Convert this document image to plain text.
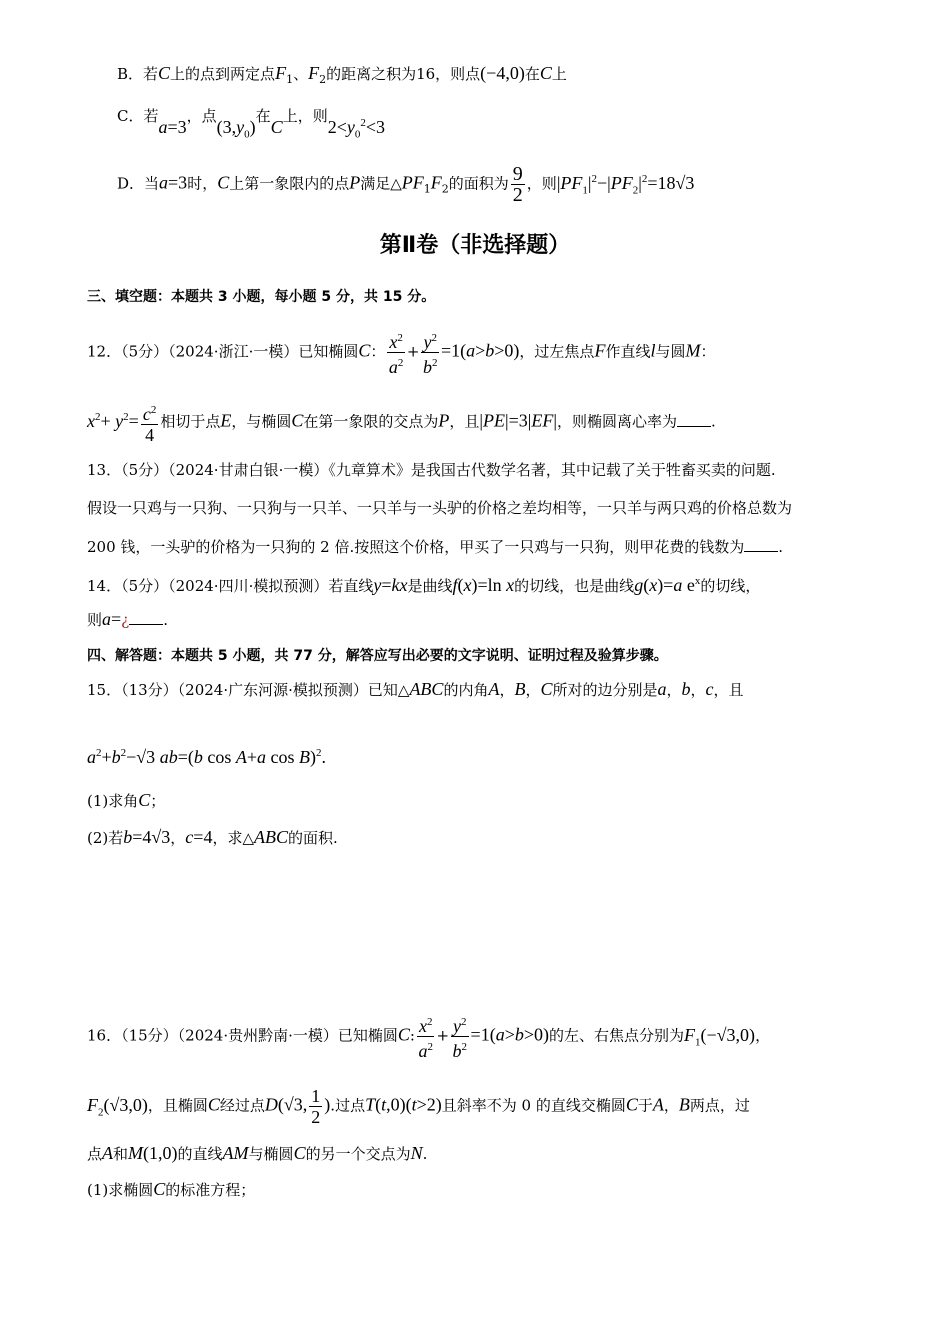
B．若C上的点到两定点$F_1$、$F_2$的距离之积为16，则点(−4,0)在C上
C．若a=3，点$(3,y_0)$在C上，则$2<y_0^2<3$
D．当a=3时，C上第一象限内的点P满足$\triangle PF_1F_2$的面积为 $\frac{9}{2}$ ，则$|PF_1|^2-|PF_2|^2=18√3$
第Ⅱ卷（非选择题）
三、填空题：本题共 3 小题，每小题 5 分，共 15 分。
12．（5分）（2024·浙江·一模）已知椭圆C： $\frac{x^2}{a^2} + \frac{y^2}{b^2} =1(a>b>0)$，过左焦点F作直线l与圆M：
$x^2+ y^2= \frac{c^2}{4}$ 相切于点E，与椭圆C在第一象限的交点为P，且|PE|=3|EF|，则椭圆离心率为 .
13．（5分）（2024·甘肃白银·一模）《九章算术》是我国古代数学名著，其中记载了关于牲畜买卖的问题.
假设一只鸡与一只狗、一只狗与一只羊、一只羊与一头驴的价格之差均相等，一只羊与两只鸡的价格总数为
200 钱，一头驴的价格为一只狗的 2 倍.按照这个价格，甲买了一只鸡与一只狗，则甲花费的钱数为 .
14．（5分）（2024·四川·模拟预测）若直线y=kx是曲线f(x)=ln x的切线，也是曲线g(x)=a $e^x$的切线，
则a=¿ .
四、解答题：本题共 5 小题，共 77 分，解答应写出必要的文字说明、证明过程及验算步骤。
15．（13分）（2024·广东河源·模拟预测）已知△ABC的内角A，B，C所对的边分别是a，b，c，且
$a^2+b^2-√3$ ab=(b cos A+a cos B)$^2$.
(1)求角C；
(2)若b=4√3，c=4，求△ABC的面积.
16．（15分）（2024·贵州黔南·一模）已知椭圆C: $\frac{x^2}{a^2} + \frac{y^2}{b^2} =1(a>b>0)$的左、右焦点分别为$F_1(-√3,0)$，
$F_2(√3,0)$，且椭圆C经过点D(√3, $\frac{1}{2}$ ).过点T(t,0)(t>2)且斜率不为 0 的直线交椭圆C于A，B两点，过
点A和M(1,0)的直线AM与椭圆C的另一个交点为N.
(1)求椭圆C的标准方程；
